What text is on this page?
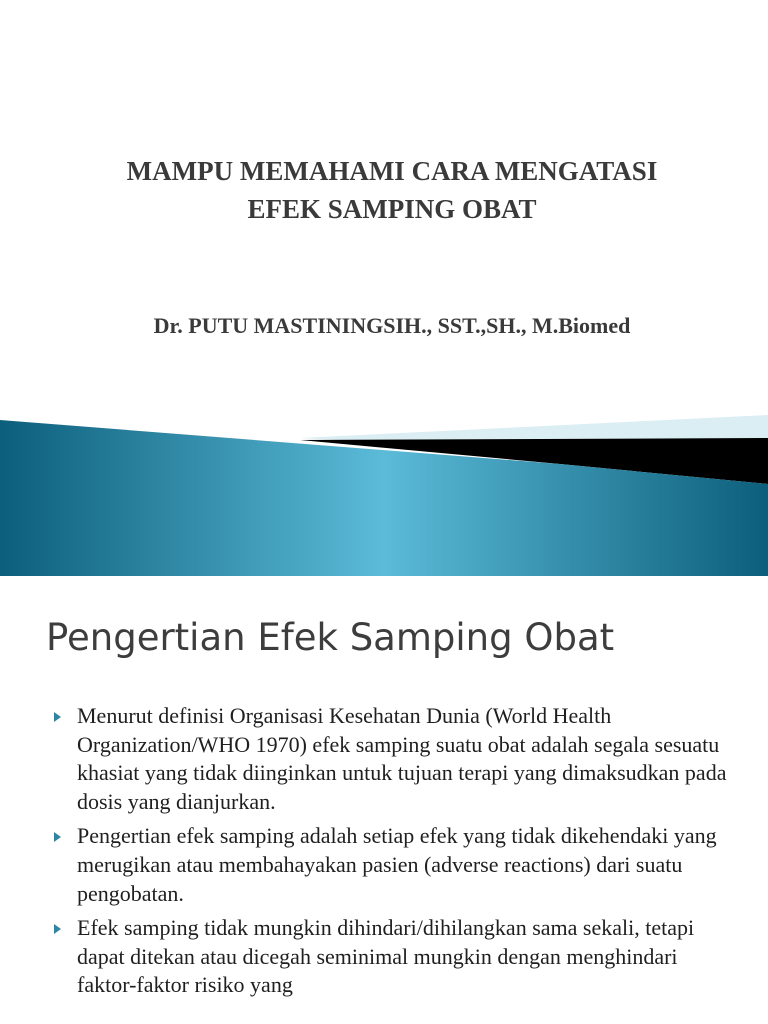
MAMPU MEMAHAMI CARA MENGATASI
EFEK SAMPING OBAT

Dr. PUTU MASTININGSIH., SST.,SH., M.Biomed

Pengertian Efek Samping Obat
Menurut definisi Organisasi Kesehatan Dunia (World Health Organization/WHO 1970) efek samping suatu obat adalah segala sesuatu khasiat yang tidak diinginkan untuk tujuan terapi yang dimaksudkan pada dosis yang dianjurkan.
Pengertian efek samping adalah setiap efek yang tidak dikehendaki yang merugikan atau membahayakan pasien (adverse reactions) dari suatu pengobatan.
Efek samping tidak mungkin dihindari/dihilangkan sama sekali, tetapi dapat ditekan atau dicegah seminimal mungkin dengan menghindari faktor-faktor risiko yang
